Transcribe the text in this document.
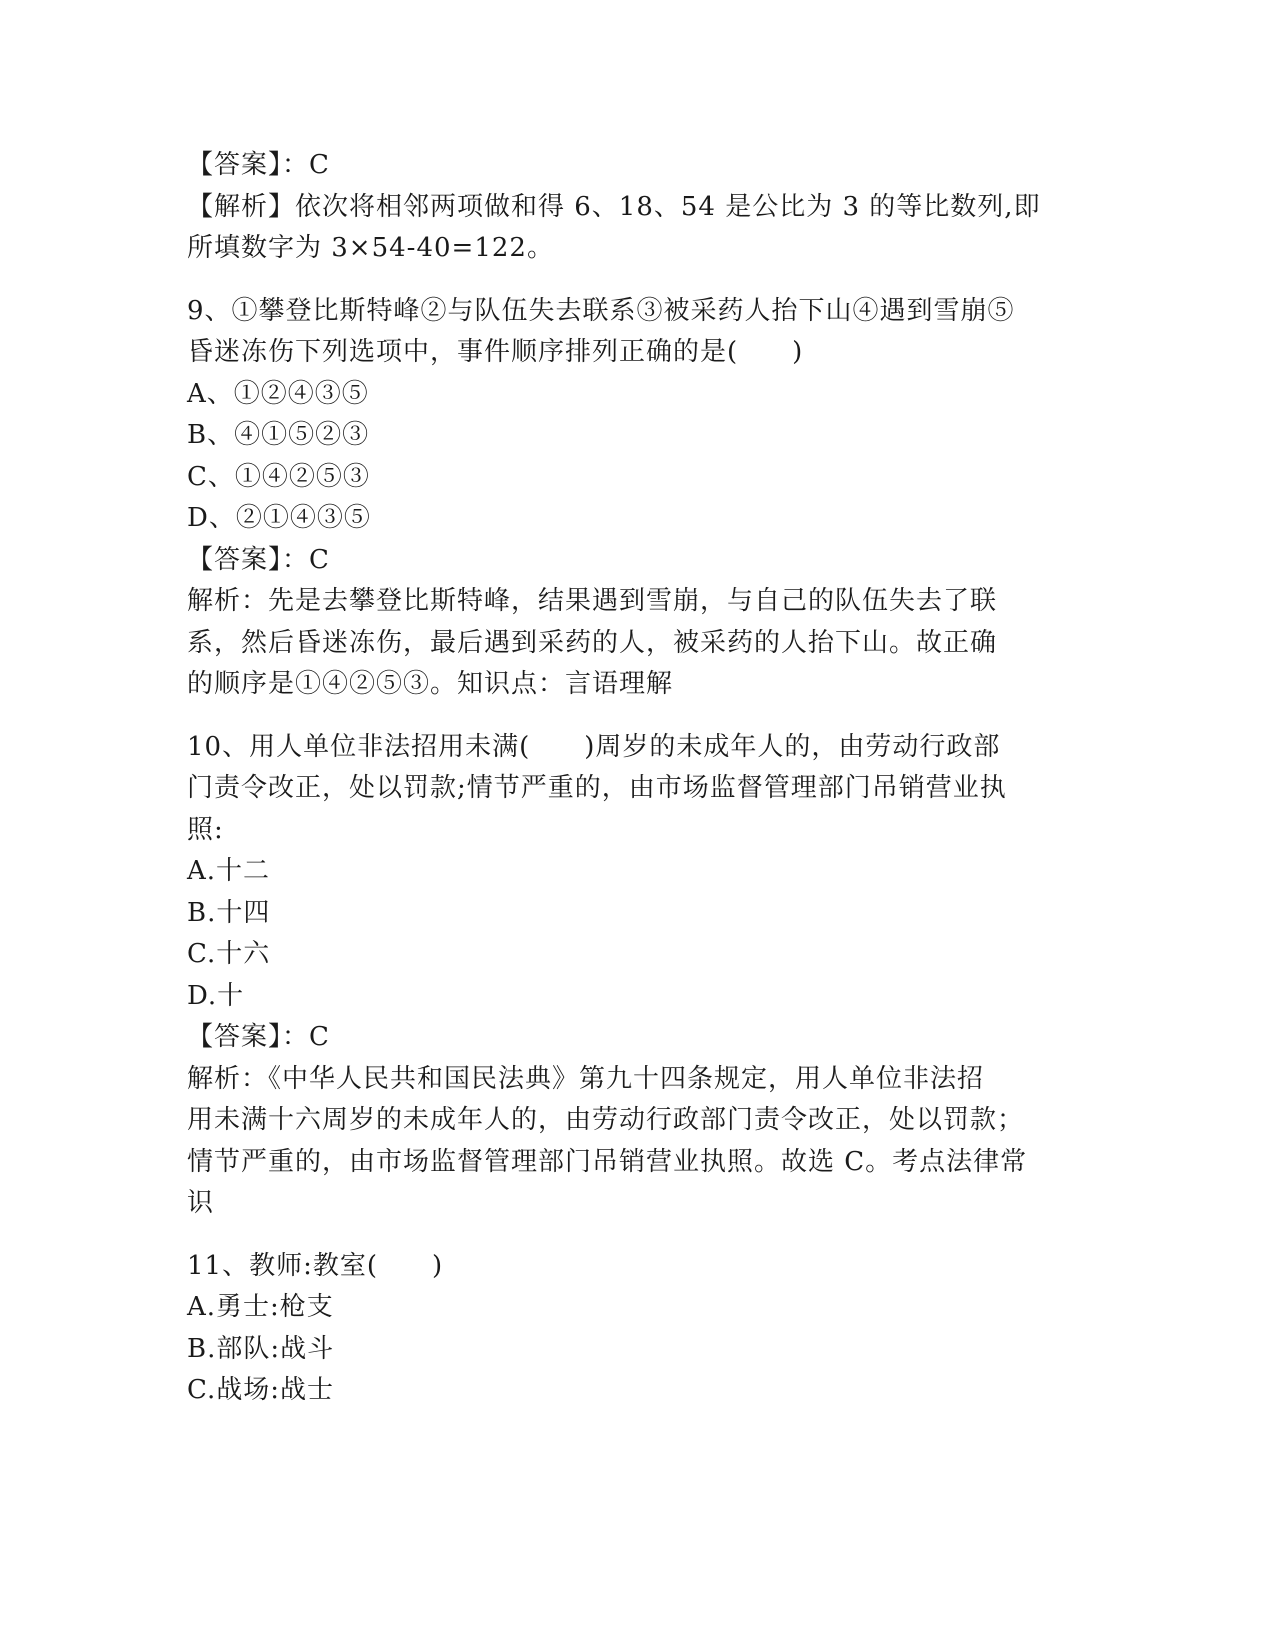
【答案】：C
【解析】依次将相邻两项做和得 6、18、54 是公比为 3 的等比数列,即
所填数字为 3×54-40=122。
9、①攀登比斯特峰②与队伍失去联系③被采药人抬下山④遇到雪崩⑤
昏迷冻伤下列选项中，事件顺序排列正确的是(　　)
A、①②④③⑤
B、④①⑤②③
C、①④②⑤③
D、②①④③⑤
【答案】：C
解析：先是去攀登比斯特峰，结果遇到雪崩，与自己的队伍失去了联
系，然后昏迷冻伤，最后遇到采药的人，被采药的人抬下山。故正确
的顺序是①④②⑤③。知识点：言语理解
10、用人单位非法招用未满(　　)周岁的未成年人的，由劳动行政部
门责令改正，处以罚款;情节严重的，由市场监督管理部门吊销营业执
照:
A.十二
B.十四
C.十六
D.十
【答案】：C
解析：《中华人民共和国民法典》第九十四条规定，用人单位非法招
用未满十六周岁的未成年人的，由劳动行政部门责令改正，处以罚款；
情节严重的，由市场监督管理部门吊销营业执照。故选 C。考点法律常
识
11、教师:教室(　　)
A.勇士:枪支
B.部队:战斗
C.战场:战士
